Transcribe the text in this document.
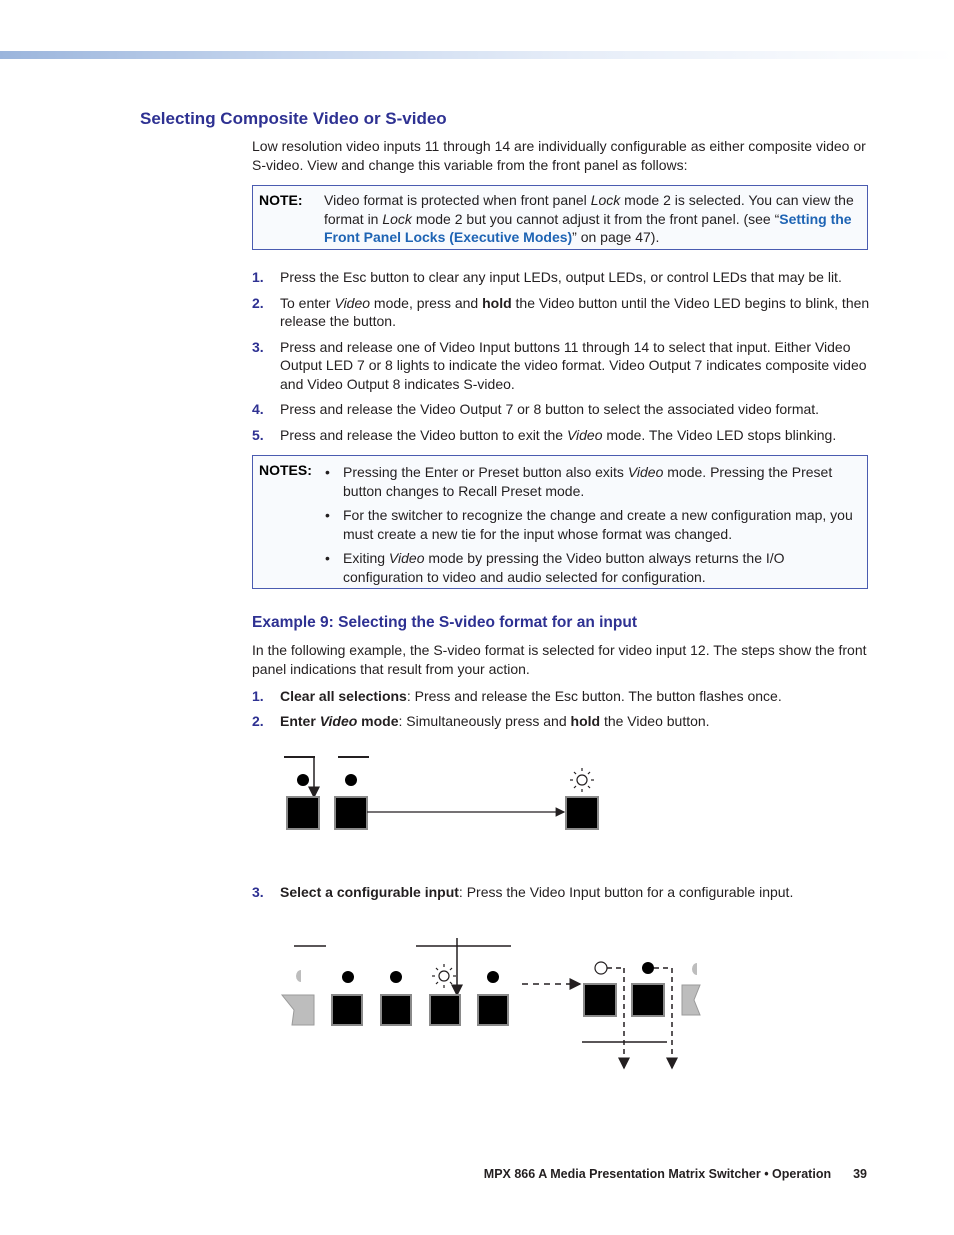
Selecting Composite Video or S-video

Low resolution video inputs 11 through 14 are individually configurable as either composite video or S-video. View and change this variable from the front panel as follows:

NOTE: Video format is protected when front panel Lock mode 2 is selected. You can view the format in Lock mode 2 but you cannot adjust it from the front panel. (see “Setting the Front Panel Locks (Executive Modes)” on page 47).
1. Press the Esc button to clear any input LEDs, output LEDs, or control LEDs that may be lit.
2. To enter Video mode, press and hold the Video button until the Video LED begins to blink, then release the button.
3. Press and release one of Video Input buttons 11 through 14 to select that input. Either Video Output LED 7 or 8 lights to indicate the video format. Video Output 7 indicates composite video and Video Output 8 indicates S-video.
4. Press and release the Video Output 7 or 8 button to select the associated video format.
5. Press and release the Video button to exit the Video mode. The Video LED stops blinking.
NOTES:
•	Pressing the Enter or Preset button also exits Video mode. Pressing the Preset button changes to Recall Preset mode.
• For the switcher to recognize the change and create a new configuration map, you must create a new tie for the input whose format was changed.
• Exiting Video mode by pressing the Video button always returns the I/O configuration to video and audio selected for configuration.
Example 9: Selecting the S-video format for an input

In the following example, the S-video format is selected for video input 12. The steps show the front panel indications that result from your action.

1. Clear all selections: Press and release the Esc button. The button flashes once.
2. Enter Video mode: Simultaneously press and hold the Video button.
3. Select a configurable input: Press the Video Input button for a configurable input.
MPX 866 A Media Presentation Matrix Switcher • Operation 39
